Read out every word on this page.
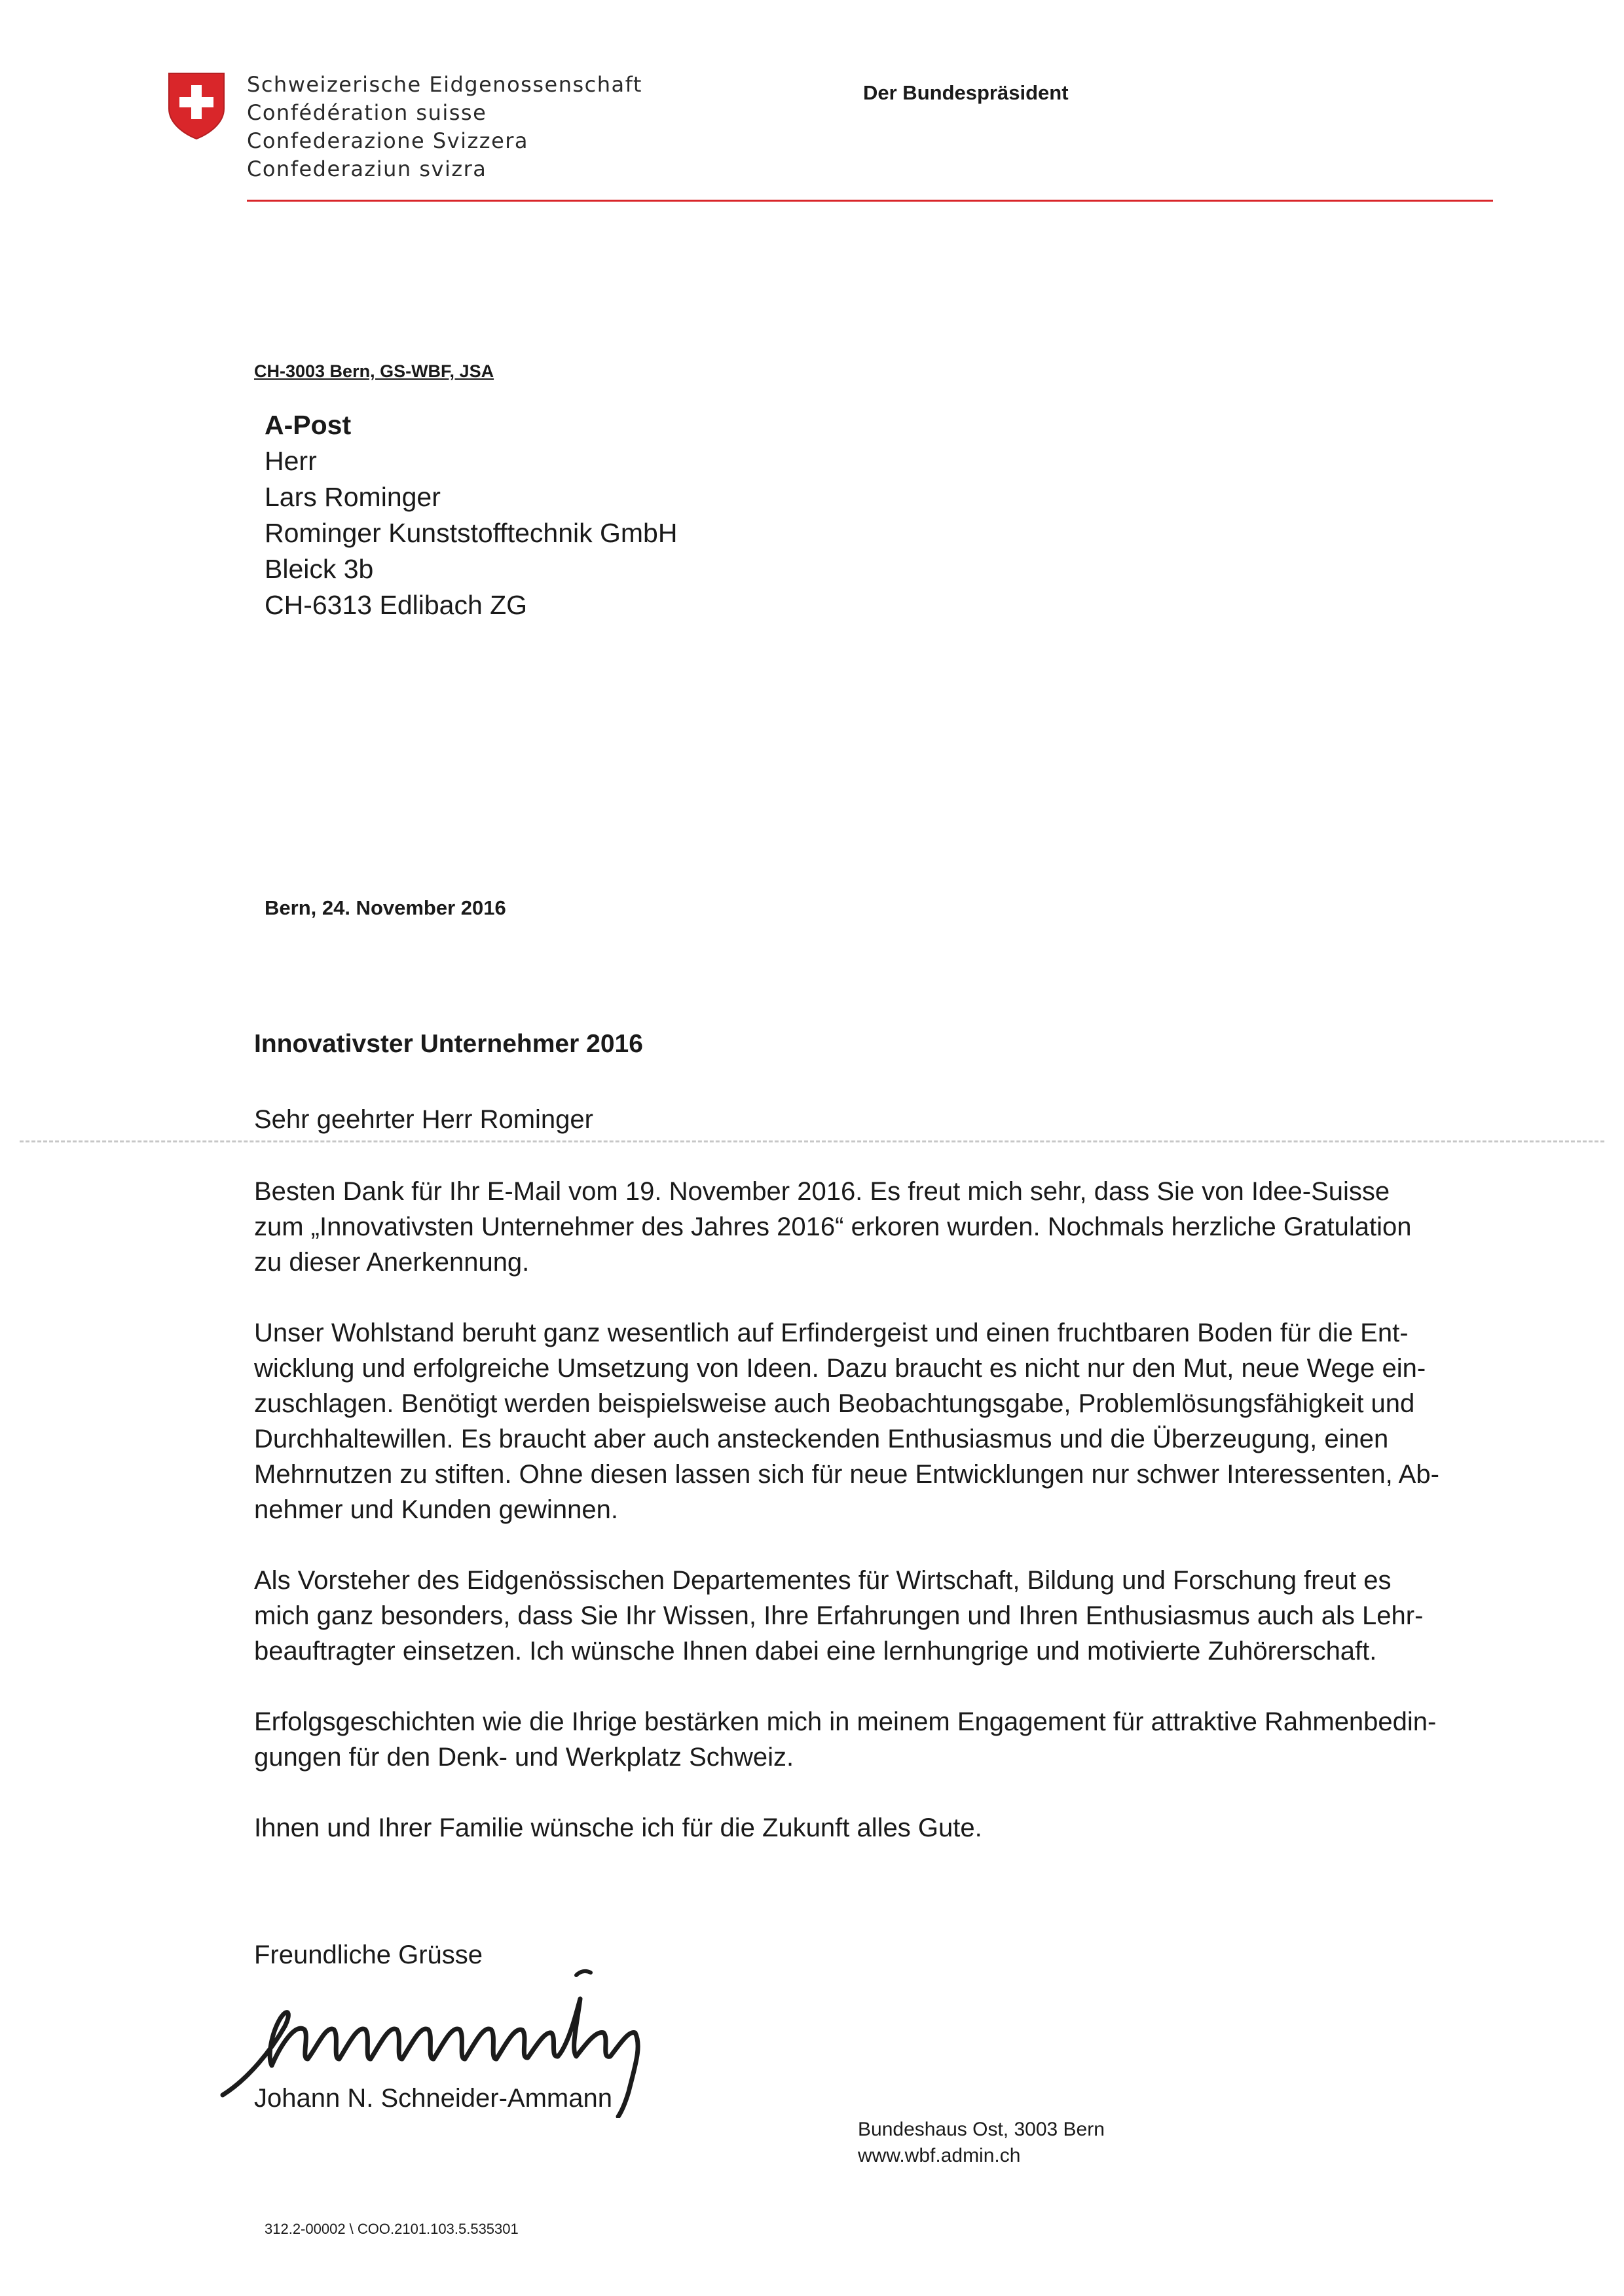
Schweizerische Eidgenossenschaft
Confédération suisse
Confederazione Svizzera
Confederaziun svizra
Der Bundespräsident
CH-3003 Bern, GS-WBF, JSA
A-Post
Herr
Lars Rominger
Rominger Kunststofftechnik GmbH
Bleick 3b
CH-6313 Edlibach ZG
Bern, 24. November 2016
Innovativster Unternehmer 2016
Sehr geehrter Herr Rominger
Besten Dank für Ihr E-Mail vom 19. November 2016. Es freut mich sehr, dass Sie von Idee-Suisse
zum „Innovativsten Unternehmer des Jahres 2016“ erkoren wurden. Nochmals herzliche Gratulation
zu dieser Anerkennung.
Unser Wohlstand beruht ganz wesentlich auf Erfindergeist und einen fruchtbaren Boden für die Ent-
wicklung und erfolgreiche Umsetzung von Ideen. Dazu braucht es nicht nur den Mut, neue Wege ein-
zuschlagen. Benötigt werden beispielsweise auch Beobachtungsgabe, Problemlösungsfähigkeit und
Durchhaltewillen. Es braucht aber auch ansteckenden Enthusiasmus und die Überzeugung, einen
Mehrnutzen zu stiften. Ohne diesen lassen sich für neue Entwicklungen nur schwer Interessenten, Ab-
nehmer und Kunden gewinnen.
Als Vorsteher des Eidgenössischen Departementes für Wirtschaft, Bildung und Forschung freut es
mich ganz besonders, dass Sie Ihr Wissen, Ihre Erfahrungen und Ihren Enthusiasmus auch als Lehr-
beauftragter einsetzen. Ich wünsche Ihnen dabei eine lernhungrige und motivierte Zuhörerschaft.
Erfolgsgeschichten wie die Ihrige bestärken mich in meinem Engagement für attraktive Rahmenbedin-
gungen für den Denk- und Werkplatz Schweiz.
Ihnen und Ihrer Familie wünsche ich für die Zukunft alles Gute.
Freundliche Grüsse
Johann N. Schneider-Ammann
Bundeshaus Ost, 3003 Bern
www.wbf.admin.ch
312.2-00002 \ COO.2101.103.5.535301
